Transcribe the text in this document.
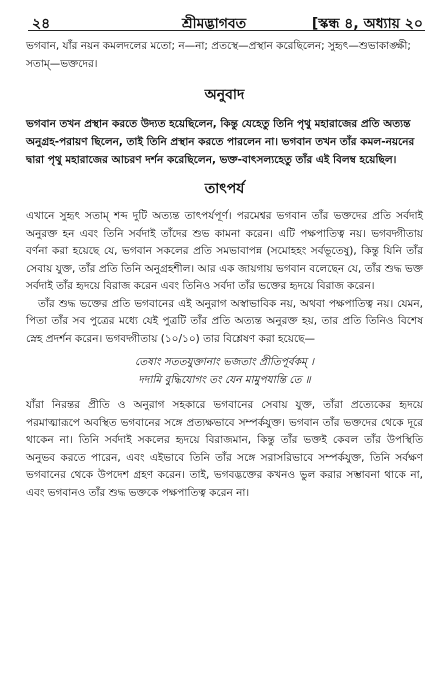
২৪	শ্রীমদ্ভাগবত	[স্কন্ধ ৪, অধ্যায় ২০

ভগবান, যাঁর নয়ন কমলদলের মতো; ন—না; প্রতস্থে—প্রস্থান করেছিলেন; সুহৃৎ—শুভাকাঙ্ক্ষী; সতাম্—ভক্তদের।

অনুবাদ

ভগবান তখন প্রস্থান করতে উদ্যত হয়েছিলেন, কিন্তু যেহেতু তিনি পৃথু মহারাজের প্রতি অত্যন্ত অনুগ্রহ-পরায়ণ ছিলেন, তাই তিনি প্রস্থান করতে পারলেন না। ভগবান তখন তাঁর কমল-নয়নের দ্বারা পৃথু মহারাজের আচরণ দর্শন করেছিলেন, ভক্ত-বাৎসল্যহেতু তাঁর এই বিলম্ব হয়েছিল।

তাৎপর্য

এখানে সুহৃৎ সতাম্ শব্দ দুটি অত্যন্ত তাৎপর্যপূর্ণ। পরমেশ্বর ভগবান তাঁর ভক্তদের প্রতি সর্বদাই অনুরক্ত হন এবং তিনি সর্বদাই তাঁদের শুভ কামনা করেন। এটি পক্ষপাতিত্ব নয়। ভগবদ্গীতায় বর্ণনা করা হয়েছে যে, ভগবান সকলের প্রতি সমভাবাপন্ন (সমোহহং সর্বভূতেষু), কিন্তু যিনি তাঁর সেবায় যুক্ত, তাঁর প্রতি তিনি অনুগ্রহশীল। আর এক জায়গায় ভগবান বলেছেন যে, তাঁর শুদ্ধ ভক্ত সর্বদাই তাঁর হৃদয়ে বিরাজ করেন এবং তিনিও সর্বদা তাঁর ভক্তের হৃদয়ে বিরাজ করেন।

তাঁর শুদ্ধ ভক্তের প্রতি ভগবানের এই অনুরাগ অস্বাভাবিক নয়, অথবা পক্ষপাতিত্ব নয়। যেমন, পিতা তাঁর সব পুত্রের মধ্যে যেই পুত্রটি তাঁর প্রতি অত্যন্ত অনুরক্ত হয়, তার প্রতি তিনিও বিশেষ স্নেহ প্রদর্শন করেন। ভগবদ্গীতায় (১০/১০) তার বিশ্লেষণ করা হয়েছে—

তেষাং সততযুক্তানাং ভজতাং প্রীতিপূর্বকম্ ।
দদামি বুদ্ধিযোগং তং যেন মামুপযান্তি তে ॥

যাঁরা নিরন্তর প্রীতি ও অনুরাগ সহকারে ভগবানের সেবায় যুক্ত, তাঁরা প্রত্যেকের হৃদয়ে পরমাত্মারূপে অবস্থিত ভগবানের সঙ্গে প্রত্যক্ষভাবে সম্পর্কযুক্ত। ভগবান তাঁর ভক্তদের থেকে দূরে থাকেন না। তিনি সর্বদাই সকলের হৃদয়ে বিরাজমান, কিন্তু তাঁর ভক্তই কেবল তাঁর উপস্থিতি অনুভব করতে পারেন, এবং এইভাবে তিনি তাঁর সঙ্গে সরাসরিভাবে সম্পর্কযুক্ত, তিনি সর্বক্ষণ ভগবানের থেকে উপদেশ গ্রহণ করেন। তাই, ভগবদ্ভক্তের কখনও ভুল করার সম্ভাবনা থাকে না, এবং ভগবানও তাঁর শুদ্ধ ভক্তকে পক্ষপাতিত্ব করেন না।
